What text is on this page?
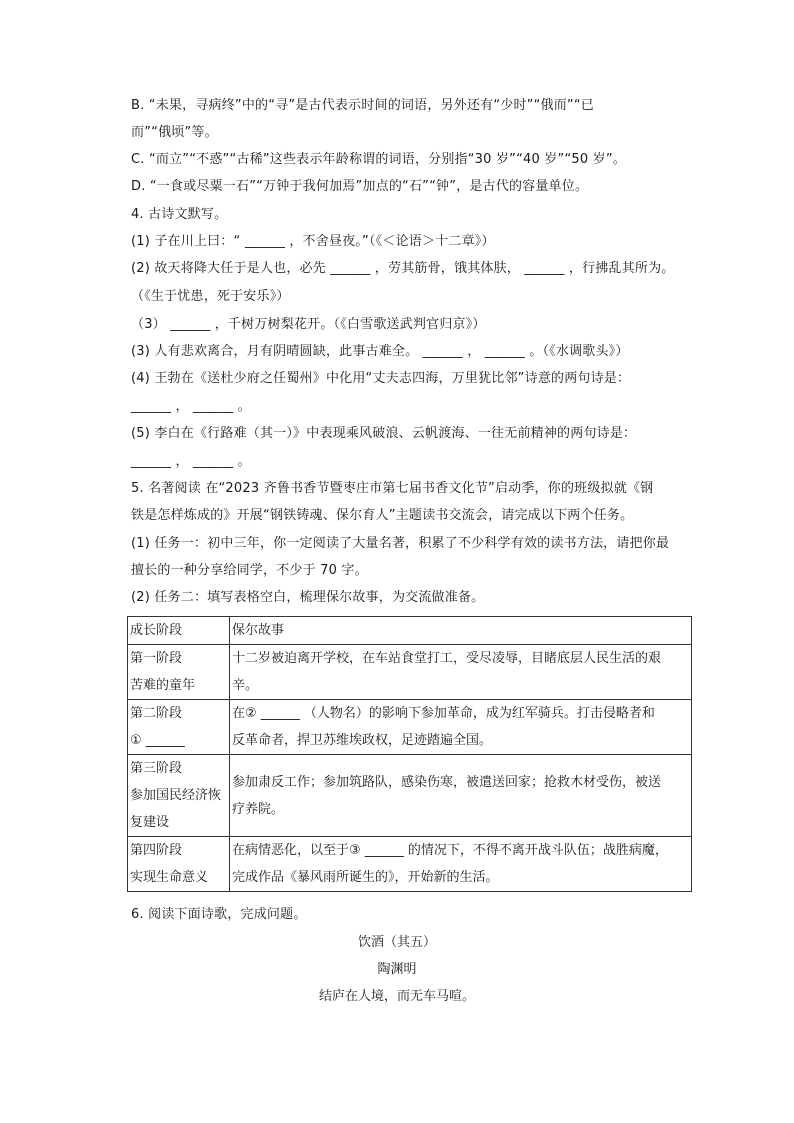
B. “未果，寻病终”中的“寻”是古代表示时间的词语，另外还有“少时”“俄而”“已
而”“俄顷”等。
C. “而立”“不惑”“古稀”这些表示年龄称谓的词语，分别指“30 岁”“40 岁”“50 岁”。
D. “一食或尽粟一石”“万钟于我何加焉”加点的“石”“钟”，是古代的容量单位。
4. 古诗文默写。
(1) 子在川上曰：“ ______ ，不舍昼夜。”（《＜论语＞十二章》）
(2) 故天将降大任于是人也，必先 ______ ，劳其筋骨，饿其体肤， ______ ，行拂乱其所为。
（《生于忧患，死于安乐》）
（3） ______ ，千树万树梨花开。（《白雪歌送武判官归京》）
(3) 人有悲欢离合，月有阴晴圆缺，此事古难全。 ______ ， ______ 。（《水调歌头》）
(4) 王勃在《送杜少府之任蜀州》中化用“丈夫志四海，万里犹比邻”诗意的两句诗是：
______ ， ______ 。
(5) 李白在《行路难（其一）》中表现乘风破浪、云帆渡海、一往无前精神的两句诗是：
______ ， ______ 。
5. 名著阅读 在“2023 齐鲁书香节暨枣庄市第七届书香文化节”启动季，你的班级拟就《钢
铁是怎样炼成的》开展“钢铁铸魂、保尔育人”主题读书交流会，请完成以下两个任务。
(1) 任务一：初中三年，你一定阅读了大量名著，积累了不少科学有效的读书方法，请把你最
擅长的一种分享给同学，不少于 70 字。
(2) 任务二：填写表格空白，梳理保尔故事，为交流做准备。
成长阶段	保尔故事

第一阶段
苦难的童年	十二岁被迫离开学校，在车站食堂打工，受尽凌辱，目睹底层人民生活的艰
辛。

第二阶段
① ______	在② ______ （人物名）的影响下参加革命，成为红军骑兵。打击侵略者和
反革命者，捍卫苏维埃政权，足迹踏遍全国。

第三阶段
参加国民经济恢
复建设	参加肃反工作；参加筑路队，感染伤寒，被遣送回家；抢救木材受伤，被送
疗养院。

第四阶段
实现生命意义	在病情恶化，以至于③ ______ 的情况下，不得不离开战斗队伍；战胜病魔，
完成作品《暴风雨所诞生的》，开始新的生活。
6. 阅读下面诗歌，完成问题。
饮酒（其五）
陶渊明
结庐在人境，而无车马喧。
